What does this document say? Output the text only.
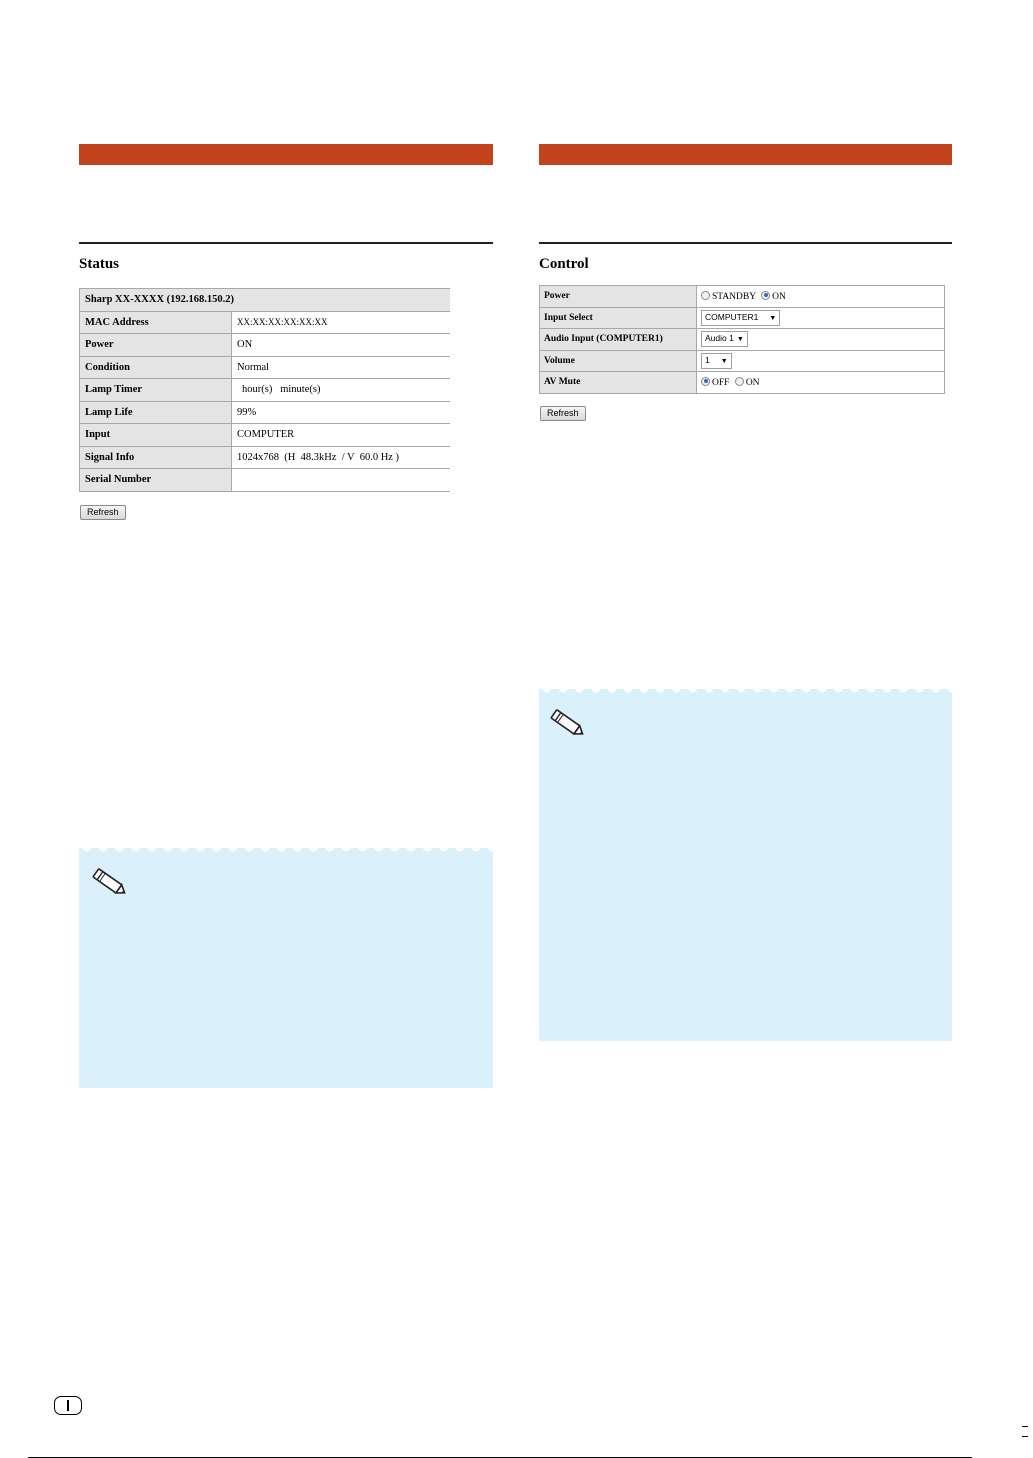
Status
Sharp XX-XXXX (192.168.150.2)	
MAC Address	XX:XX:XX:XX:XX:XX
Power	ON
Condition	Normal
Lamp Timer	hour(s)   minute(s)
Lamp Life	99%
Input	COMPUTER
Signal Info	1024x768  (H  48.3kHz  / V  60.0 Hz )
Serial Number	
Refresh
Control
Power	STANDBY ON
Input Select	COMPUTER1 ▼
Audio Input (COMPUTER1)	Audio 1 ▼
Volume	1 ▼
AV Mute	OFF ON
Refresh
